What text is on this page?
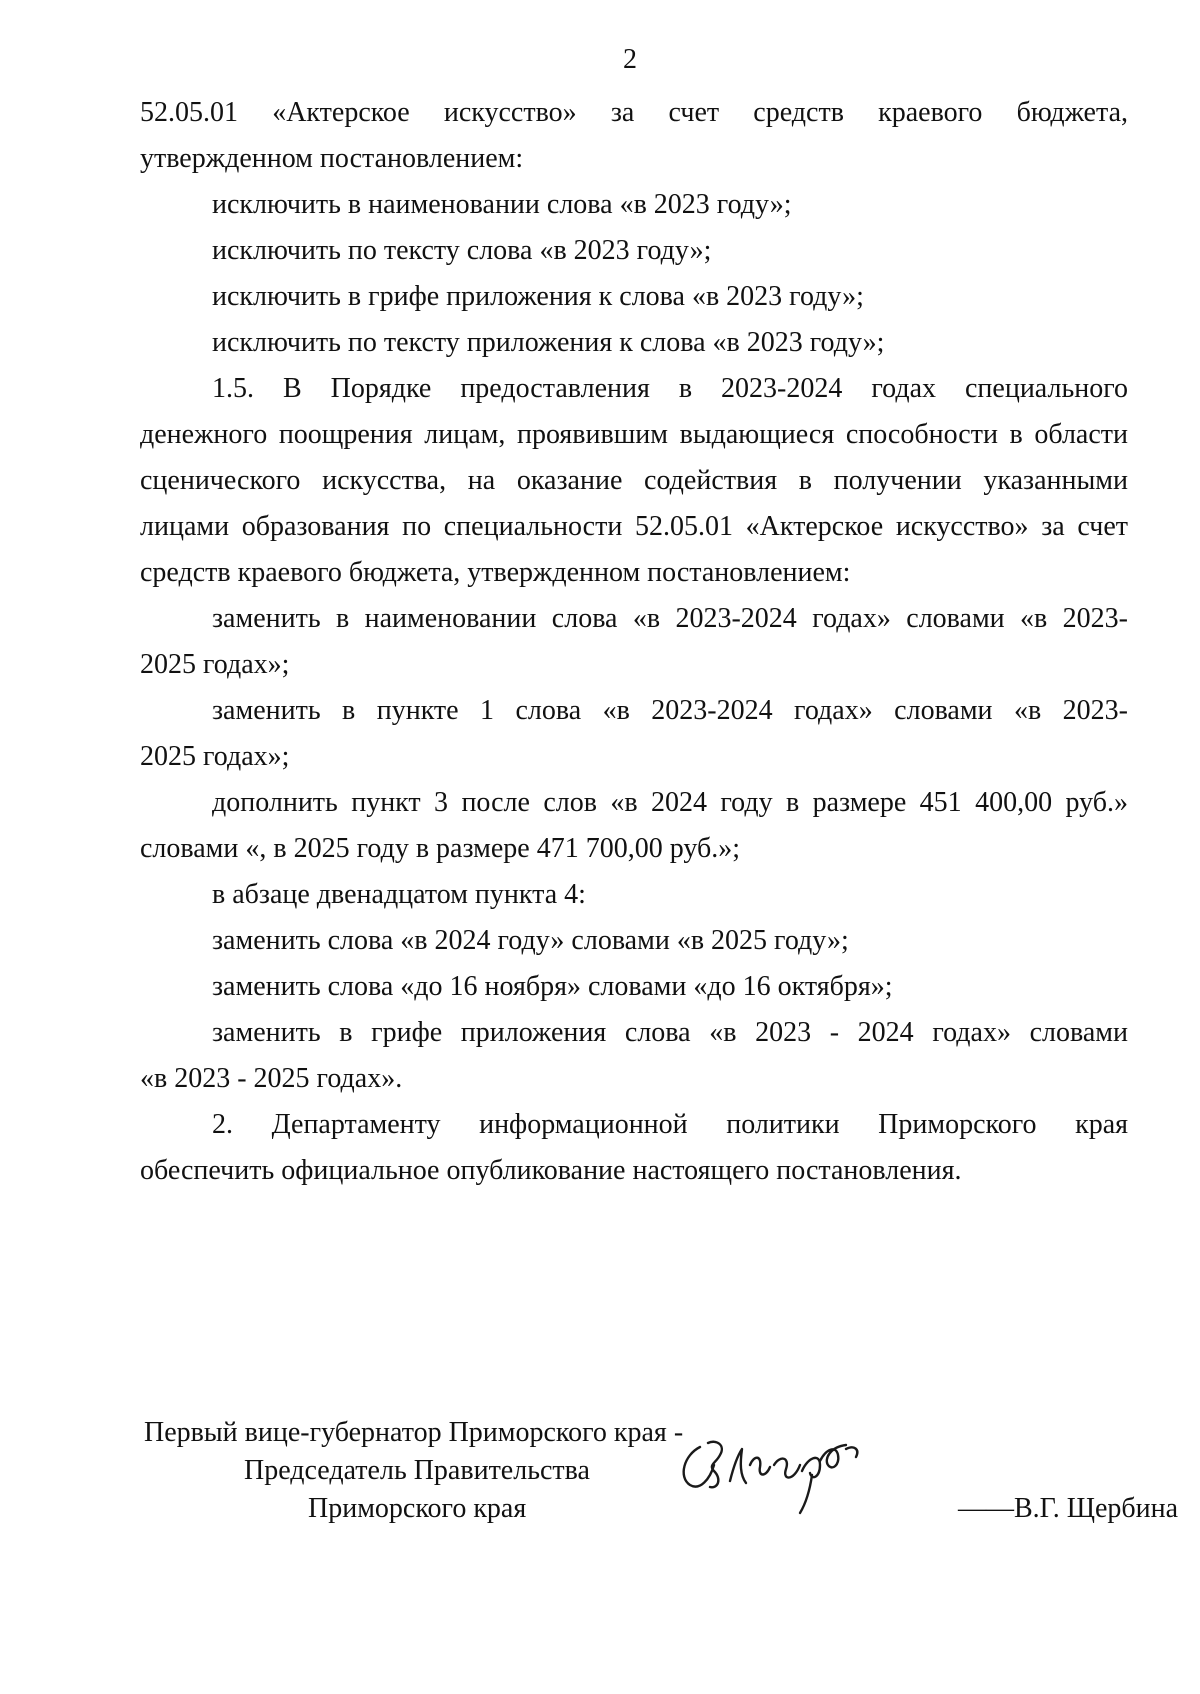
2
52.05.01 «Актерское искусство» за счет средств краевого бюджета,
утвержденном постановлением:
исключить в наименовании слова «в 2023 году»;
исключить по тексту слова «в 2023 году»;
исключить в грифе приложения к слова «в 2023 году»;
исключить по тексту приложения к слова «в 2023 году»;
1.5. В Порядке предоставления в 2023-2024 годах специального
денежного поощрения лицам, проявившим выдающиеся способности в области
сценического искусства, на оказание содействия в получении указанными
лицами образования по специальности 52.05.01 «Актерское искусство» за счет
средств краевого бюджета, утвержденном постановлением:
заменить в наименовании слова «в 2023-2024 годах» словами «в 2023-
2025 годах»;
заменить в пункте 1 слова «в 2023-2024 годах» словами «в 2023-
2025 годах»;
дополнить пункт 3 после слов «в 2024 году в размере 451 400,00 руб.»
словами «, в 2025 году в размере 471 700,00 руб.»;
в абзаце двенадцатом пункта 4:
заменить слова «в 2024 году» словами «в 2025 году»;
заменить слова «до 16 ноября» словами «до 16 октября»;
заменить в грифе приложения слова «в 2023 - 2024 годах» словами
«в 2023 - 2025 годах».
2. Департаменту информационной политики Приморского края
обеспечить официальное опубликование настоящего постановления.
Первый вице-губернатор Приморского края -
Председатель Правительства
Приморского края	——В.Г. Щербина
